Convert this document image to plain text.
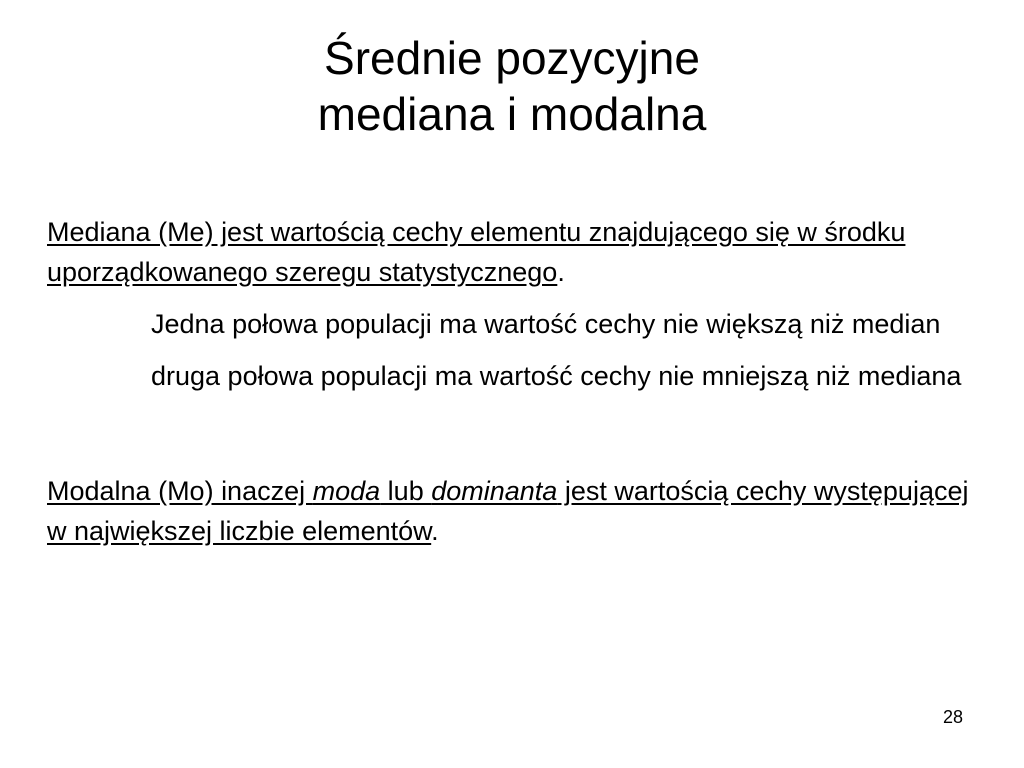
Średnie pozycyjne
mediana i modalna

Mediana (Me) jest wartością cechy elementu znajdującego się w środku uporządkowanego szeregu statystycznego.

Jedna połowa populacji ma wartość cechy nie większą niż median

druga połowa populacji ma wartość cechy nie mniejszą niż mediana

Modalna (Mo) inaczej moda lub dominanta jest wartością cechy występującej w największej liczbie elementów.

28
